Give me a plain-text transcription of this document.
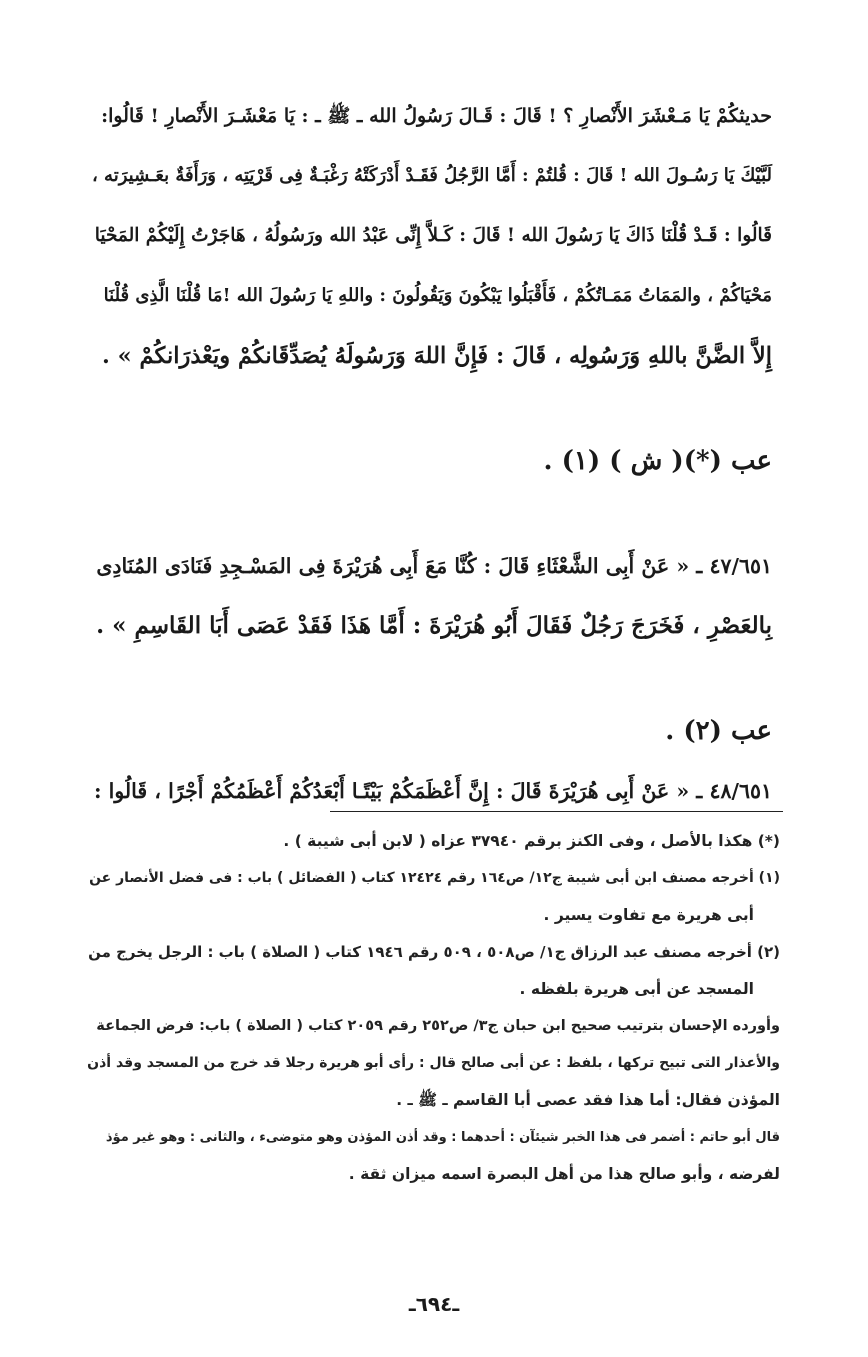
حديثكُمْ يَا مَـعْشَرَ الأَنْصارِ ؟ ! قَالَ : قَـالَ رَسُولُ الله ـ ﷺ ـ : يَا مَعْشَـرَ الأَنْصارِ ! قَالُوا:
لَبَّيْكَ يَا رَسُـولَ الله ! قَالَ : قُلتُمْ : أَمَّا الرَّجُلُ فَقَـدْ أَدْرَكَتْهُ رَغْبَـةٌ فِى قَرْيَتِه ، وَرَأَفَةٌ بعَـشِيرَته ،
قَالُوا : قَـدْ قُلْنَا ذَاكَ يَا رَسُولَ الله ! قَالَ : كَـلاَّ إِنِّى عَبْدُ الله ورَسُولُهُ ، هَاجَرْتُ إِلَيْكُمْ المَحْيَا
مَحْيَاكُمْ ، والمَمَاتُ مَمَـاتُكُمْ ، فَأَقْبَلُوا يَبْكُونَ وَيَقُولُونَ : واللهِ يَا رَسُولَ الله !مَا قُلْنَا الَّذِى قُلْنَا
إِلاَّ الضَّنَّ باللهِ وَرَسُولِه ، قَالَ : فَإِنَّ اللهَ وَرَسُولَهُ يُصَدِّقَانكُمْ ويَعْذرَانكُمْ » .
عب (*)( ش ) (١) .
٤٧/٦٥١ ـ « عَنْ أَبِى الشَّعْثَاءِ قَالَ : كُنَّا مَعَ أَبِى هُرَيْرَةَ فِى المَسْـجِدِ فَنَادَى المُنَادِى
بِالعَصْرِ ، فَخَرَجَ رَجُلٌ فَقَالَ أَبُو هُرَيْرَةَ : أَمَّا هَذَا فَقَدْ عَصَى أَبَا القَاسِمِ » .
عب (٢) .
٤٨/٦٥١ ـ « عَنْ أَبِى هُرَيْرَةَ قَالَ : إِنَّ أَعْظَمَكُمْ بَيْتًـا أَبْعَدُكُمْ أَعْظَمُكُمْ أَجْرًا ، قَالُوا :
(*) هكذا بالأصل ، وفى الكنز برقم ٣٧٩٤٠ عزاه ( لابن أبى شيبة ) .
(١) أخرجه مصنف ابن أبى شيبة ج١٢/ ص١٦٤ رقم ١٢٤٢٤ كتاب ( الفضائل ) باب : فى فضل الأنصار عن
أبى هريرة مع تفاوت يسير .
(٢) أخرجه مصنف عبد الرزاق ج١/ ص٥٠٨ ، ٥٠٩ رقم ١٩٤٦ كتاب ( الصلاة ) باب : الرجل يخرج من
المسجد عن أبى هريرة بلفظه .
وأورده الإحسان بترتيب صحيح ابن حبان ج٣/ ص٢٥٢ رقم ٢٠٥٩ كتاب ( الصلاة ) باب: فرض الجماعة
والأعذار التى تبيح تركها ، بلفظ : عن أبى صالح قال : رأى أبو هريرة رجلا قد خرج من المسجد وقد أذن
المؤذن فقال: أما هذا فقد عصى أبا القاسم ـ ﷺ ـ .
قال أبو حاتم : أضمر فى هذا الخبر شيئآن : أحدهما : وقد أذن المؤذن وهو متوضىء ، والثانى : وهو غير مؤذ
لفرضه ، وأبو صالح هذا من أهل البصرة اسمه ميزان ثقة .
ـ٦٩٤ـ
